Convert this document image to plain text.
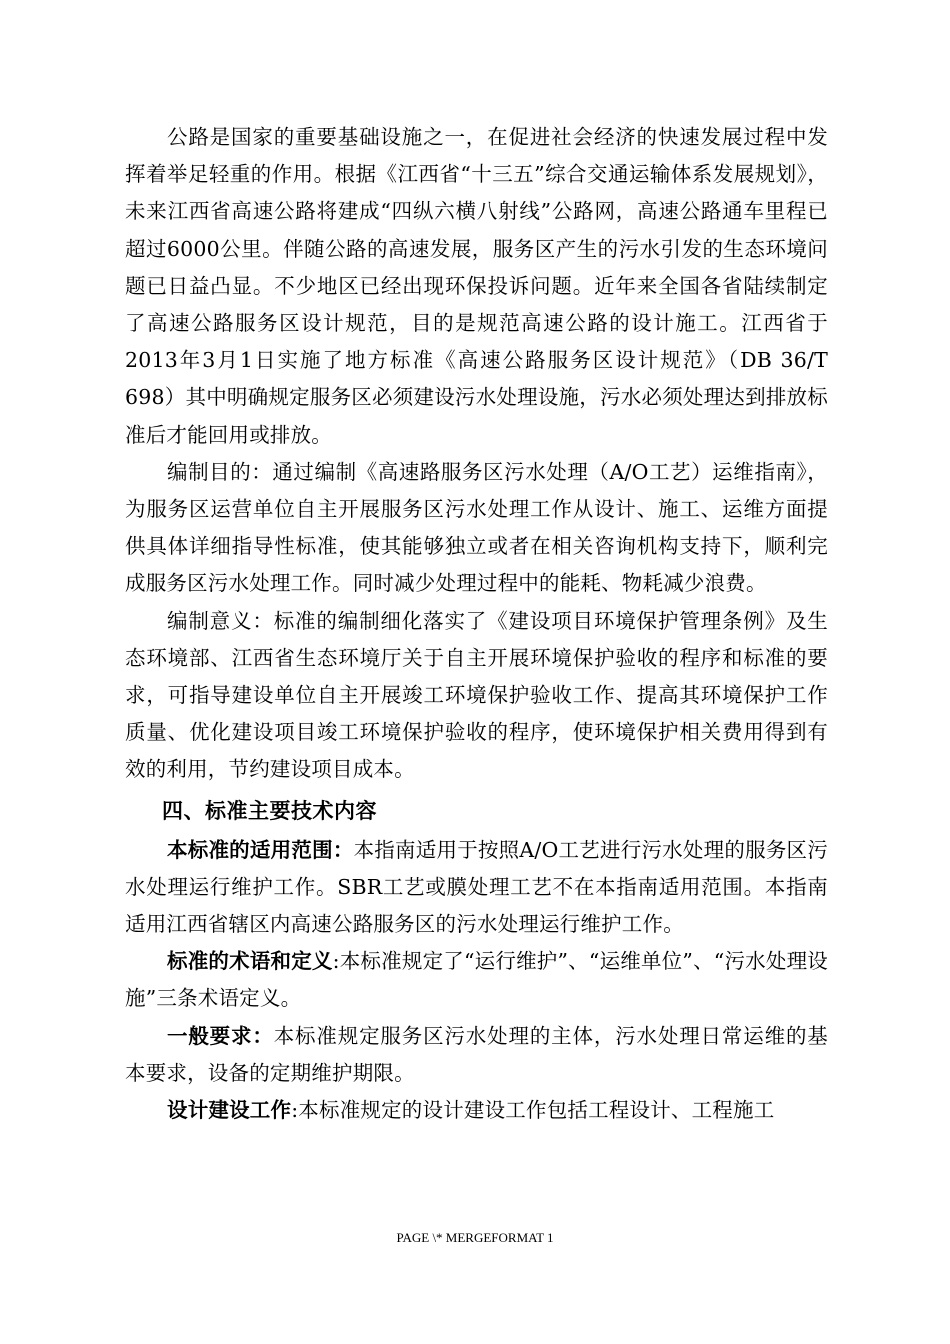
公路是国家的重要基础设施之一，在促进社会经济的快速发展过程中发挥着举足轻重的作用。根据《江西省“十三五”综合交通运输体系发展规划》，未来江西省高速公路将建成“四纵六横八射线”公路网，高速公路通车里程已超过6000公里。伴随公路的高速发展，服务区产生的污水引发的生态环境问题已日益凸显。不少地区已经出现环保投诉问题。近年来全国各省陆续制定了高速公路服务区设计规范，目的是规范高速公路的设计施工。江西省于2013年3月1日实施了地方标准《高速公路服务区设计规范》（DB 36/T 698）其中明确规定服务区必须建设污水处理设施，污水必须处理达到排放标准后才能回用或排放。

编制目的：通过编制《高速路服务区污水处理（A/O工艺）运维指南》，为服务区运营单位自主开展服务区污水处理工作从设计、施工、运维方面提供具体详细指导性标准，使其能够独立或者在相关咨询机构支持下，顺利完成服务区污水处理工作。同时减少处理过程中的能耗、物耗减少浪费。

编制意义：标准的编制细化落实了《建设项目环境保护管理条例》及生态环境部、江西省生态环境厅关于自主开展环境保护验收的程序和标准的要求，可指导建设单位自主开展竣工环境保护验收工作、提高其环境保护工作质量、优化建设项目竣工环境保护验收的程序，使环境保护相关费用得到有效的利用，节约建设项目成本。

四、标准主要技术内容

本标准的适用范围：本指南适用于按照A/O工艺进行污水处理的服务区污水处理运行维护工作。SBR工艺或膜处理工艺不在本指南适用范围。本指南适用江西省辖区内高速公路服务区的污水处理运行维护工作。

标准的术语和定义:本标准规定了“运行维护”、“运维单位”、“污水处理设施”三条术语定义。

一般要求：本标准规定服务区污水处理的主体，污水处理日常运维的基本要求，设备的定期维护期限。

设计建设工作:本标准规定的设计建设工作包括工程设计、工程施工

PAGE \* MERGEFORMAT 1
